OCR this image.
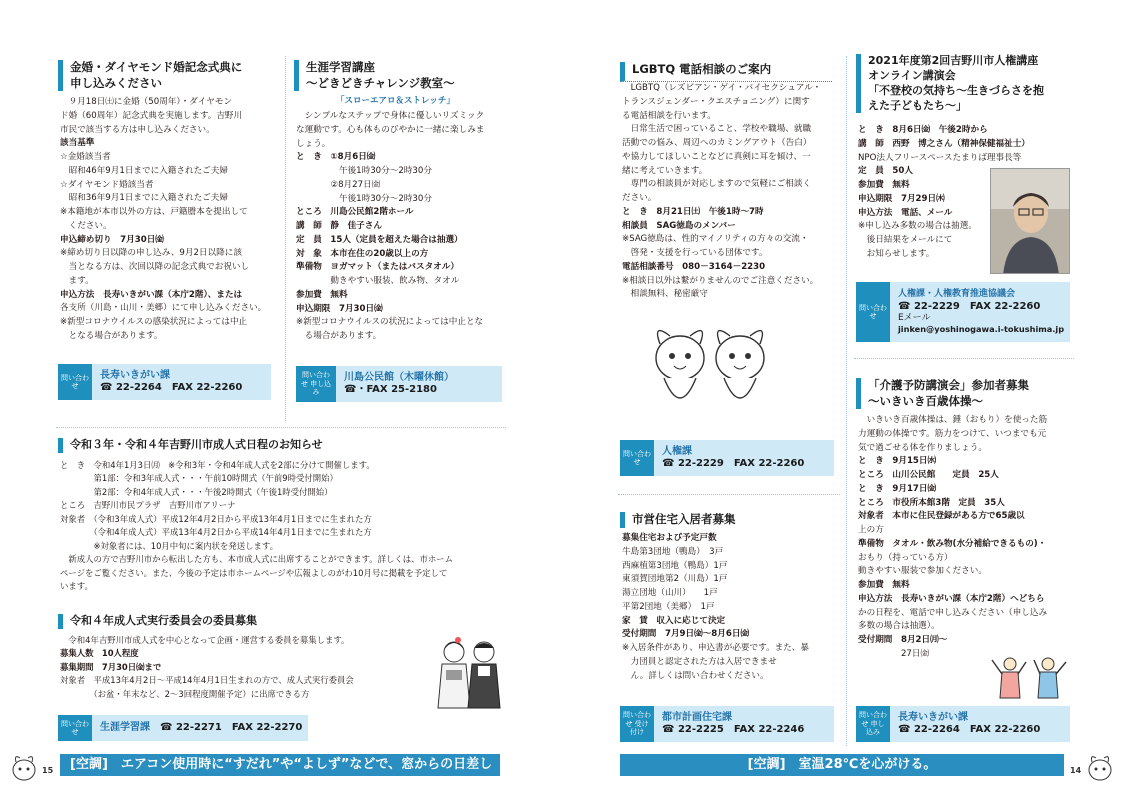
金婚・ダイヤモンド婚記念式典に
申し込みください

　９月18日㈯に金婚（50周年）・ダイヤモン

ド婚（60周年）記念式典を実施します。吉野川

市民で該当する方は申し込みください。

該当基準

☆金婚該当者

　昭和46年9月1日までに入籍されたご夫婦

☆ダイヤモンド婚該当者

　昭和36年9月1日までに入籍されたご夫婦

※本籍地が本市以外の方は、戸籍謄本を提出して

　ください。

申込締め切り　7月30日㈮

※締め切り日以降の申し込み、9月2日以降に該

　当となる方は、次回以降の記念式典でお祝いし

　ます。

申込方法　長寿いきがい課（本庁2階）、または

各支所（川島・山川・美郷）にて申し込みください。

※新型コロナウイルスの感染状況によっては中止

　となる場合があります。

問い合わせ
長寿いきがい課
☎ 22-2264　FAX 22-2260
生涯学習講座
～どきどきチャレンジ教室～
「スローエアロ＆ストレッチ」

　シンプルなステップで身体に優しいリズミック

な運動です。心も体ものびやかに一緒に楽しみま

しょう。

と　き　①8月6日㈮

　　　　　午後1時30分～2時30分

　　　　②8月27日㈮

　　　　　午後1時30分～2時30分

ところ　川島公民館2階ホール

講　師　静　佳子さん

定　員　15人（定員を超えた場合は抽選）

対　象　本市在住の20歳以上の方

準備物　ヨガマット（またはバスタオル）

　　　　動きやすい服装、飲み物、タオル

参加費　無料

申込期限　7月30日㈮

※新型コロナウイルスの状況によっては中止とな

　る場合があります。

問い合わせ 申し込み
川島公民館（木曜休館）
☎・FAX 25-2180
令和３年・令和４年吉野川市成人式日程のお知らせ

と　き　令和4年1月3日㈪　※令和3年・令和4年成人式を2部に分けて開催します。

　　　　第1部：令和3年成人式・・・午前10時開式（午前9時受付開始）

　　　　第2部：令和4年成人式・・・午後2時開式（午後1時受付開始）

ところ　吉野川市民プラザ　吉野川市アリーナ

対象者　（令和3年成人式）平成12年4月2日から平成13年4月1日までに生まれた方

　　　　（令和4年成人式）平成13年4月2日から平成14年4月1日までに生まれた方

　　　　※対象者には、10月中旬に案内状を発送します。

　新成人の方で吉野川市から転出した方も、本市成人式に出席することができます。詳しくは、市ホーム

ページをご覧ください。また、今後の予定は市ホームページや広報よしのがわ10月号に掲載を予定して

います。

令和４年成人式実行委員会の委員募集

　令和4年吉野川市成人式を中心となって企画・運営する委員を募集します。

募集人数　10人程度

募集期間　7月30日㈮まで

対象者　平成13年4月2日～平成14年4月1日生まれの方で、成人式実行委員会

　　　　（お盆・年末など、2～3回程度開催予定）に出席できる方

問い合わせ	生涯学習課 ☎ 22-2271　FAX 22-2270
15	[空調]　エアコン使用時に“すだれ”や“よしず”などで、窓からの日差しを和らげる。
LGBTQ 電話相談のご案内

　LGBTQ（レズビアン・ゲイ・バイセクシュアル・

トランスジェンダー・クエスチョニング）に関す

る電話相談を行います。

　日常生活で困っていること、学校や職場、就職

活動での悩み、周辺へのカミングアウト（告白）

や協力してほしいことなどに真剣に耳を傾け、一

緒に考えていきます。

　専門の相談員が対応しますので気軽にご相談く

ださい。

と　き　8月21日㈯　午後1時～7時

相談員　SAG徳島のメンバー

※SAG徳島は、性的マイノリティの方々の交流・

　啓発・支援を行っている団体です。

電話相談番号　080－3164－2230

※相談日以外は繋がりませんのでご注意ください。

　相談無料、秘密厳守

問い合わせ
人権課
☎ 22-2229　FAX 22-2260
市営住宅入居者募集

募集住宅および予定戸数

牛島第3団地（鴨島）　3戸

西麻植第3団地（鴨島）1戸

東須賀団地第2（川島）1戸

湯立団地（山川）　　1戸

平第2団地（美郷）　1戸

家　賃　収入に応じて決定

受付期間　7月9日㈮～8月6日㈮

※入居条件があり、申込書が必要です。また、暴

　力団員と認定された方は入居できませ

　ん。詳しくは問い合わせください。

問い合わせ 受け付け
都市計画住宅課
☎ 22-2225　FAX 22-2246
2021年度第2回吉野川市人権講座
オンライン講演会
「不登校の気持ち～生きづらさを抱
えた子どもたち～」

と　き　8月6日㈮　午後2時から

講　師　西野　博之さん（精神保健福祉士）

NPO法人フリースペースたまりば理事長等

定　員　50人

参加費　無料

申込期限　7月29日㈭

申込方法　電話、メール

※申し込み多数の場合は抽選。

　後日結果をメールにて

　お知らせします。

問い合わせ
人権課・人権教育推進協議会
☎ 22-2229　FAX 22-2260
Eメール
jinken@yoshinogawa.i-tokushima.jp
「介護予防講演会」参加者募集
～いきいき百歳体操～

　いきいき百歳体操は、錘（おもり）を使った筋

力運動の体操です。筋力をつけて、いつまでも元

気で過ごせる体を作りましょう。

と　き　9月15日㈬

ところ　山川公民館　　定員　25人

と　き　9月17日㈮

ところ　市役所本館3階　定員　35人

対象者　本市に住民登録がある方で65歳以

上の方

準備物　タオル・飲み物(水分補給できるもの)・

おもり（持っている方）

動きやすい服装で参加ください。

参加費　無料

申込方法　長寿いきがい課（本庁2階）へどちら

かの日程を、電話で申し込みください（申し込み

多数の場合は抽選）。

受付期間　8月2日㈪～

　　　　　27日㈮

問い合わせ 申し込み
長寿いきがい課
☎ 22-2264　FAX 22-2260
[空調]　室温28℃を心がける。	14
